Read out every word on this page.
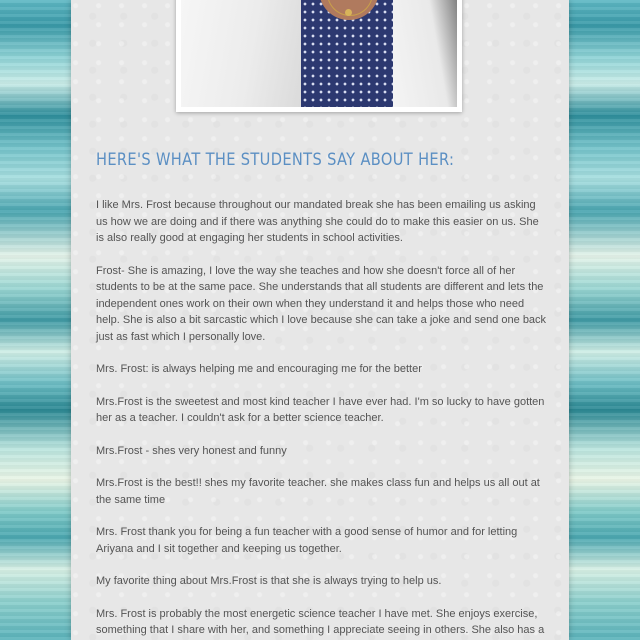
HERE'S WHAT THE STUDENTS SAY ABOUT HER:

I like Mrs. Frost because throughout our mandated break she has been emailing us asking us how we are doing and if there was anything she could do to make this easier on us. She is also really good at engaging her students in school activities.

Frost- She is amazing, I love the way she teaches and how she doesn't force all of her students to be at the same pace. She understands that all students are different and lets the independent ones work on their own when they understand it and helps those who need help. She is also a bit sarcastic which I love because she can take a joke and send one back just as fast which I personally love.

Mrs. Frost: is always helping me and encouraging me for the better

Mrs.Frost is the sweetest and most kind teacher I have ever had. I'm so lucky to have gotten her as a teacher. I couldn't ask for a better science teacher.

Mrs.Frost - shes very honest and funny

Mrs.Frost is the best!! shes my favorite teacher. she makes class fun and helps us all out at the same time

Mrs. Frost thank you for being a fun teacher with a good sense of humor and for letting Ariyana and I sit together and keeping us together.

My favorite thing about Mrs.Frost is that she is always trying to help us.

Mrs. Frost is probably the most energetic science teacher I have met. She enjoys exercise, something that I share with her, and something I appreciate seeing in others. She also has a
